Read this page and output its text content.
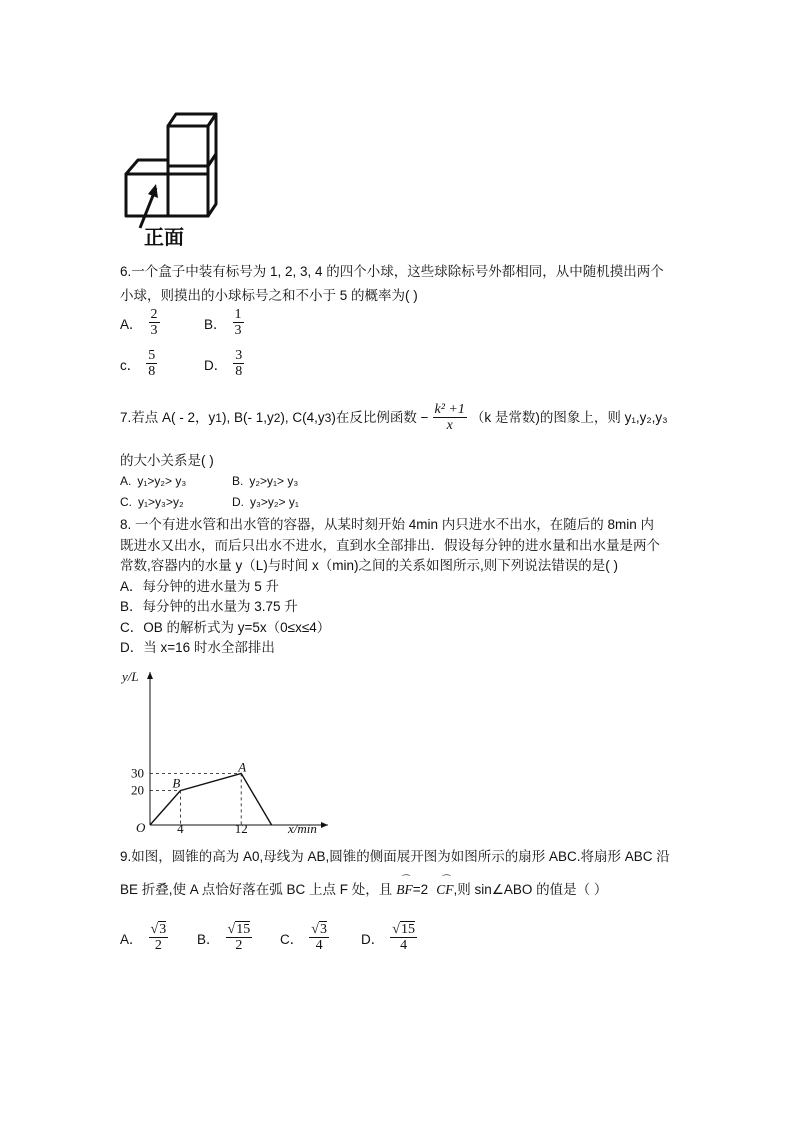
正面
6.一个盒子中装有标号为 1, 2, 3, 4 的四个小球，这些球除标号外都相同，从中随机摸出两个
小球，则摸出的小球标号之和不小于 5 的概率为( )
A． $\frac{2}{3}$	B． $\frac{1}{3}$
c． $\frac{5}{8}$	D． $\frac{3}{8}$
7.若点 A( - 2，y 1 ), B(- 1,y 2 ), C(4,y 3 )在反比例函数 − $\frac{\text{k² +1}}{x} (k$ 是常数)的图象上，则 y₁,y₂,y₃
的大小关系是( )
A. y₁>y₂> y₃	B. y₂>y₁> y₃
C. y₁>y₃>y₂	D. y₃>y₂> y₁
8. 一个有进水管和出水管的容器，从某时刻开始 4min 内只进水不出水，在随后的 8min 内
既进水又出水，而后只出水不进水，直到水全部排出．假设每分钟的进水量和出水量是两个
常数,容器内的水量 y（L)与时间 x（min)之间的关系如图所示,则下列说法错误的是( )
A．每分钟的进水量为 5 升
B．每分钟的出水量为 3.75 升
C．OB 的解析式为 y=5x（0≤x≤4）
D．当 x=16 时水全部排出
y/L
x/min
O 4	12
20
30
B
A
9.如图，圆锥的高为 A0,母线为 AB,圆锥的侧面展开图为如图所示的扇形 ABC.将扇形 ABC 沿
BE 折叠,使 A 点恰好落在弧 BC 上点 F 处，且
⌒
BF =2
⌒
CF ,则 sin∠ABO 的值是（ ）
A． $\frac{√3}{2}$ B． $\frac{√15}{2}$ C． $\frac{√3}{4}$ D． $\frac{√15}{4}$
